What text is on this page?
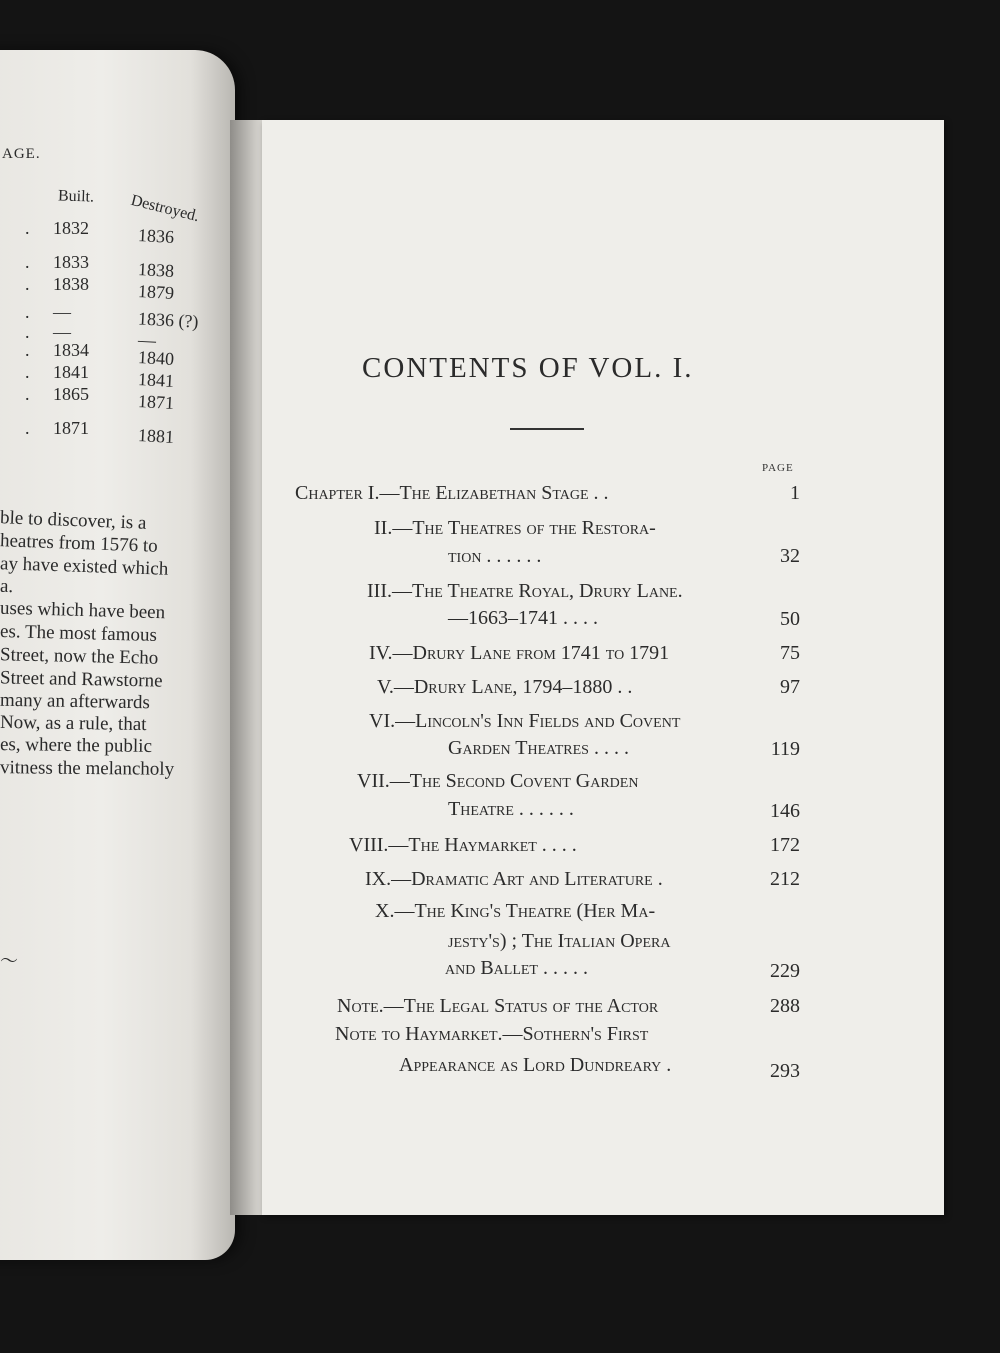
AGE.
Built. Destroyed.
. 1832	1836
. 1833	1838
. 1838	1879
. —	1836 (?)
. —	—
. 1834	1840
. 1841	1841
. 1865	1871
. 1871	1881
ble to discover, is a
heatres from 1576 to
ay have existed which
a.
uses which have been
es. The most famous
Street, now the Echo
Street and Rawstorne
many an afterwards
Now, as a rule, that
es, where the public
vitness the melancholy
〜
CONTENTS OF VOL. I.
PAGE
Chapter I.—The Elizabethan Stage . .	1
II.—The Theatres of the Restora-
tion . . . . . .	32
III.—The Theatre Royal, Drury Lane.
—1663–1741 . . . .	50
IV.—Drury Lane from 1741 to 1791	75
V.—Drury Lane, 1794–1880 . .	97
VI.—Lincoln's Inn Fields and Covent
Garden Theatres . . . .	119
VII.—The Second Covent Garden
Theatre . . . . . .	146
VIII.—The Haymarket . . . .	172
IX.—Dramatic Art and Literature .	212
X.—The King's Theatre (Her Ma-
jesty's) ; The Italian Opera
and Ballet . . . . .	229
Note.—The Legal Status of the Actor	288
Note to Haymarket.—Sothern's First
Appearance as Lord Dundreary .	293
